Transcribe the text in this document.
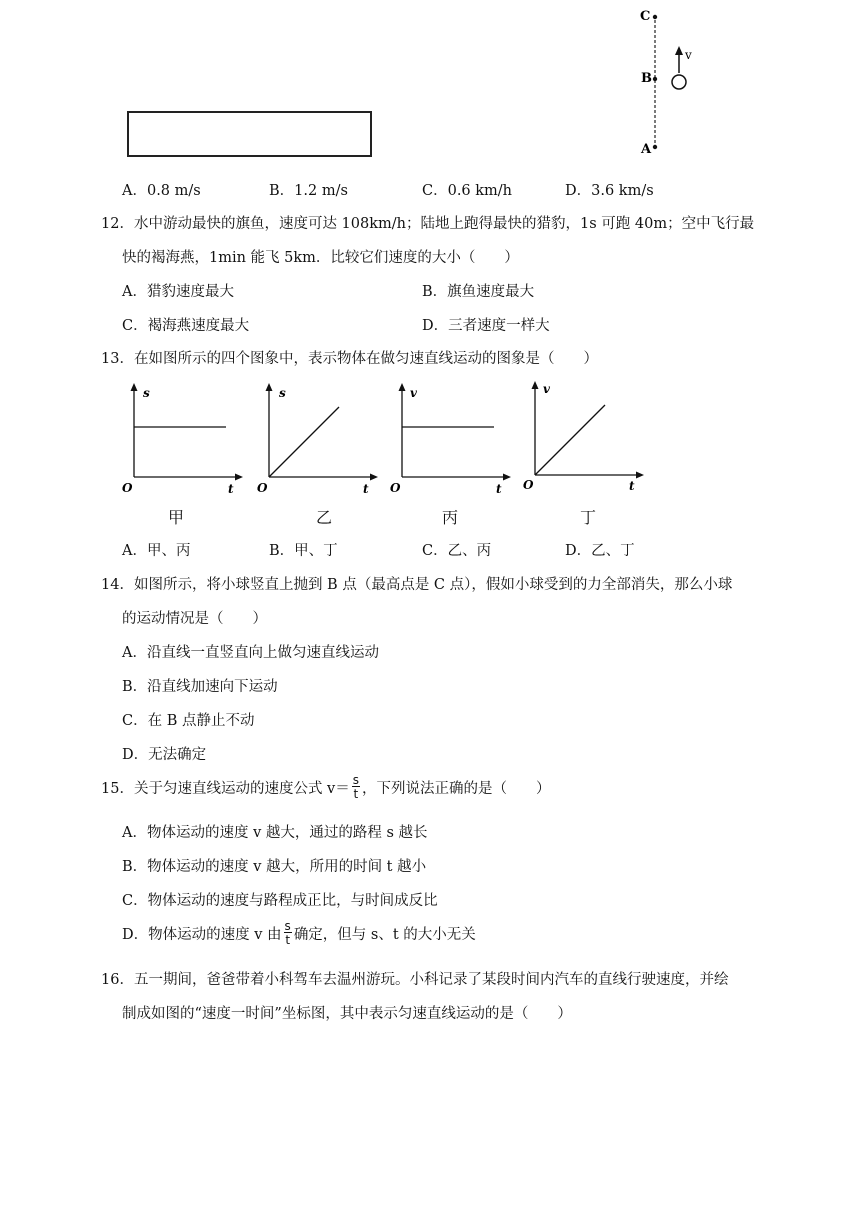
C
B
A
v
A．0.8 m/s	B．1.2 m/s	C．0.6 km/h	D．3.6 km/s
12．水中游动最快的旗鱼，速度可达 108km/h；陆地上跑得最快的猎豹，1s 可跑 40m；空中飞行最
快的褐海燕，1min 能飞 5km．比较它们速度的大小（　　）
A．猎豹速度最大	B．旗鱼速度最大
C．褐海燕速度最大	D．三者速度一样大
13．在如图所示的四个图象中，表示物体在做匀速直线运动的图象是（　　）
s
O	t
甲
s
O	t
乙
v
O	t
丙
v
O	t
丁
A．甲、丙	B．甲、丁	C．乙、丙	D．乙、丁
14．如图所示，将小球竖直上抛到 B 点（最高点是 C 点），假如小球受到的力全部消失，那么小球
的运动情况是（　　）
A．沿直线一直竖直向上做匀速直线运动
B．沿直线加速向下运动
C．在 B 点静止不动
D．无法确定
15．关于匀速直线运动的速度公式 $v= \frac{s}{t}$ ，下列说法正确的是（　　）
A．物体运动的速度 v 越大，通过的路程 s 越长
B．物体运动的速度 v 越大，所用的时间 t 越小
C．物体运动的速度与路程成正比，与时间成反比
D．物体运动的速度 v 由 $\frac{s}{t}$ 确定，但与 s、t 的大小无关
16．五一期间，爸爸带着小科驾车去温州游玩。小科记录了某段时间内汽车的直线行驶速度，并绘
制成如图的“速度一时间”坐标图，其中表示匀速直线运动的是（　　）
